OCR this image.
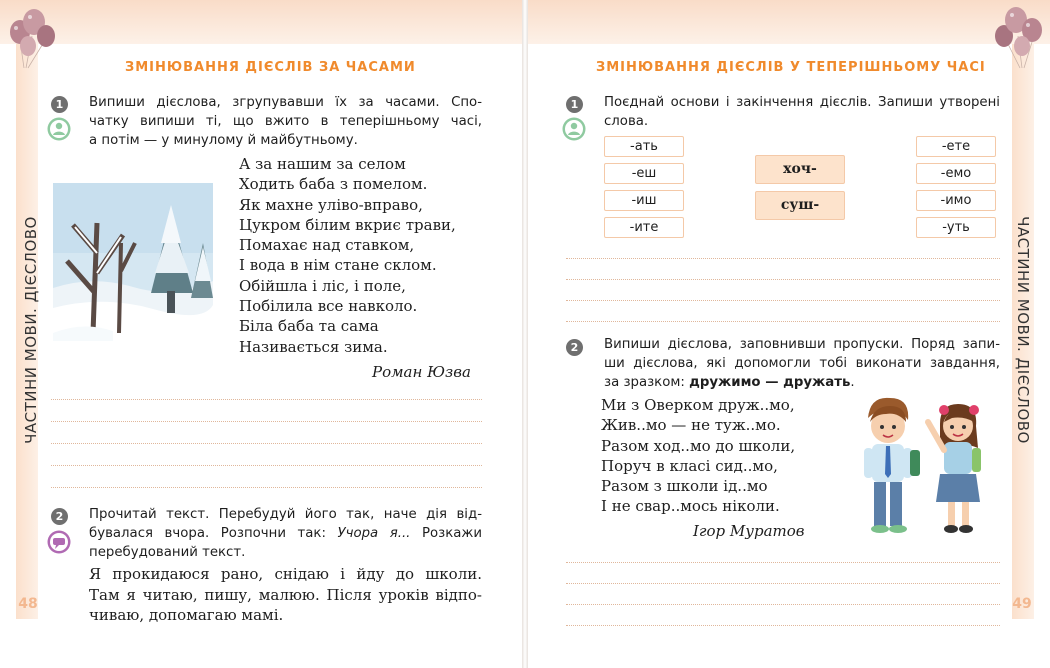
ЧАСТИНИ МОВИ. ДІЄСЛОВО
48
ЗМІНЮВАННЯ ДІЄСЛІВ ЗА ЧАСАМИ
1	Випиши дієслова, згрупувавши їх за часами. Спо-
чатку випиши ті, що вжито в теперішньому часі,
а потім — у минулому й майбутньому.
А за нашим за селом
Ходить баба з помелом.
Як махне уліво-вправо,
Цукром білим вкриє трави,
Помахає над ставком,
І вода в нім стане склом.
Обійшла і ліс, і поле,
Побілила все навколо.
Біла баба та сама
Називається зима.
Роман Юзва
2	Прочитай текст. Перебудуй його так, наче дія від-
бувалася вчора. Розпочни так: Учора я... Розкажи
перебудований текст.
Я прокидаюся рано, снідаю і йду до школи.
Там я читаю, пишу, малюю. Після уроків відпо-
чиваю, допомагаю мамі.
ЧАСТИНИ МОВИ. ДІЄСЛОВО
49
ЗМІНЮВАННЯ ДІЄСЛІВ У ТЕПЕРІШНЬОМУ ЧАСІ
1	Поєднай основи і закінчення дієслів. Запиши утворені
слова.
-ать
-еш
-иш
-ите
хоч-
суш-
-ете
-емо
-имо
-уть
2	Випиши дієслова, заповнивши пропуски. Поряд запи-
ши дієслова, які допомогли тобі виконати завдання,
за зразком: дружимо — дружать.
Ми з Оверком друж..мо,
Жив..мо — не туж..мо.
Разом ход..мо до школи,
Поруч в класі сид..мо,
Разом з школи ід..мо
І не свар..мось ніколи.
Ігор Муратов
